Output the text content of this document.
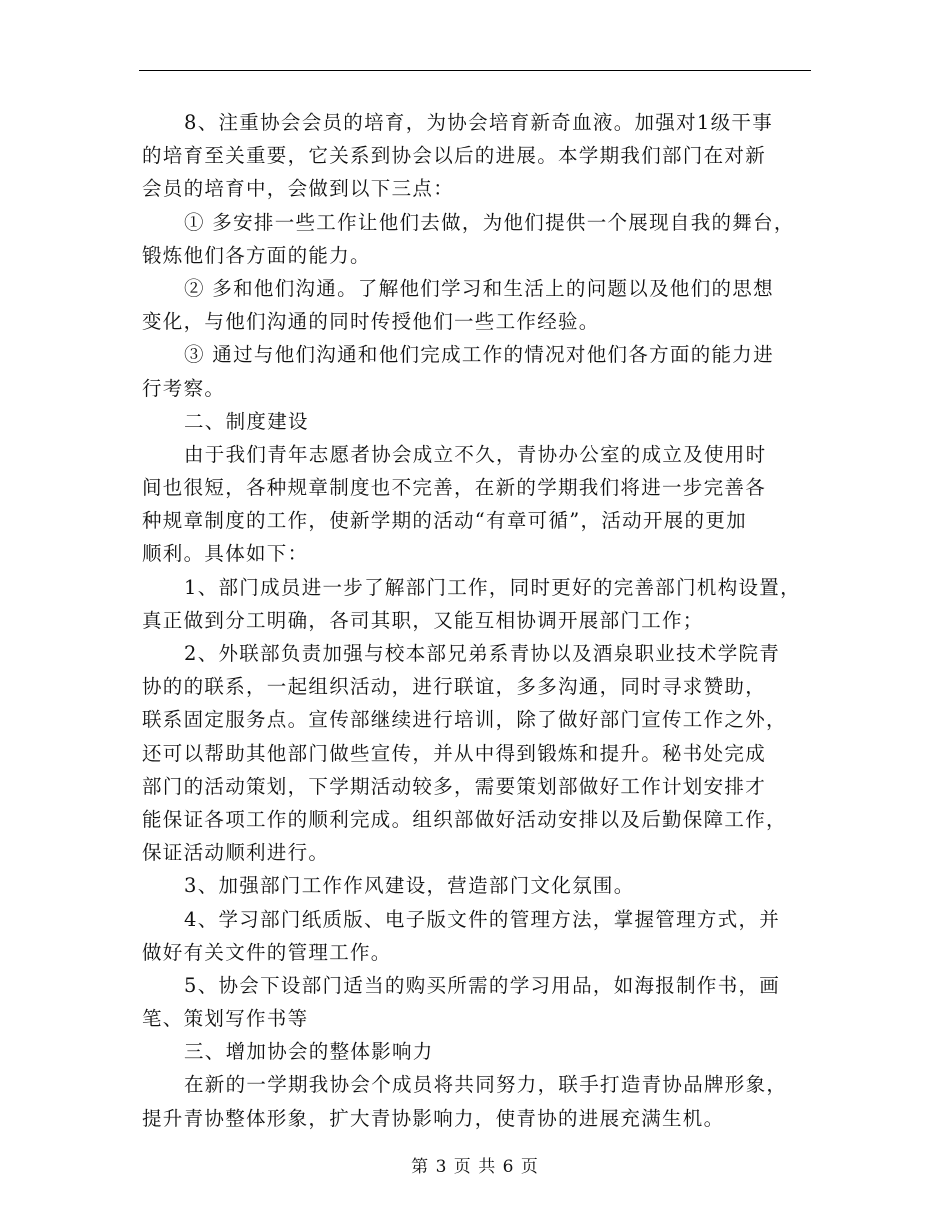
8、注重协会会员的培育，为协会培育新奇血液。加强对1级干事
的培育至关重要，它关系到协会以后的进展。本学期我们部门在对新
会员的培育中，会做到以下三点：
① 多安排一些工作让他们去做，为他们提供一个展现自我的舞台，
锻炼他们各方面的能力。
② 多和他们沟通。了解他们学习和生活上的问题以及他们的思想
变化，与他们沟通的同时传授他们一些工作经验。
③ 通过与他们沟通和他们完成工作的情况对他们各方面的能力进
行考察。
二、制度建设
由于我们青年志愿者协会成立不久，青协办公室的成立及使用时
间也很短，各种规章制度也不完善，在新的学期我们将进一步完善各
种规章制度的工作，使新学期的活动“有章可循”，活动开展的更加
顺利。具体如下：
1、部门成员进一步了解部门工作，同时更好的完善部门机构设置，
真正做到分工明确，各司其职，又能互相协调开展部门工作；
2、外联部负责加强与校本部兄弟系青协以及酒泉职业技术学院青
协的的联系，一起组织活动，进行联谊，多多沟通，同时寻求赞助，
联系固定服务点。宣传部继续进行培训，除了做好部门宣传工作之外，
还可以帮助其他部门做些宣传，并从中得到锻炼和提升。秘书处完成
部门的活动策划，下学期活动较多，需要策划部做好工作计划安排才
能保证各项工作的顺利完成。组织部做好活动安排以及后勤保障工作，
保证活动顺利进行。
3、加强部门工作作风建设，营造部门文化氛围。
4、学习部门纸质版、电子版文件的管理方法，掌握管理方式，并
做好有关文件的管理工作。
5、协会下设部门适当的购买所需的学习用品，如海报制作书，画
笔、策划写作书等
三、增加协会的整体影响力
在新的一学期我协会个成员将共同努力，联手打造青协品牌形象，
提升青协整体形象，扩大青协影响力，使青协的进展充满生机。
第 3 页 共 6 页
